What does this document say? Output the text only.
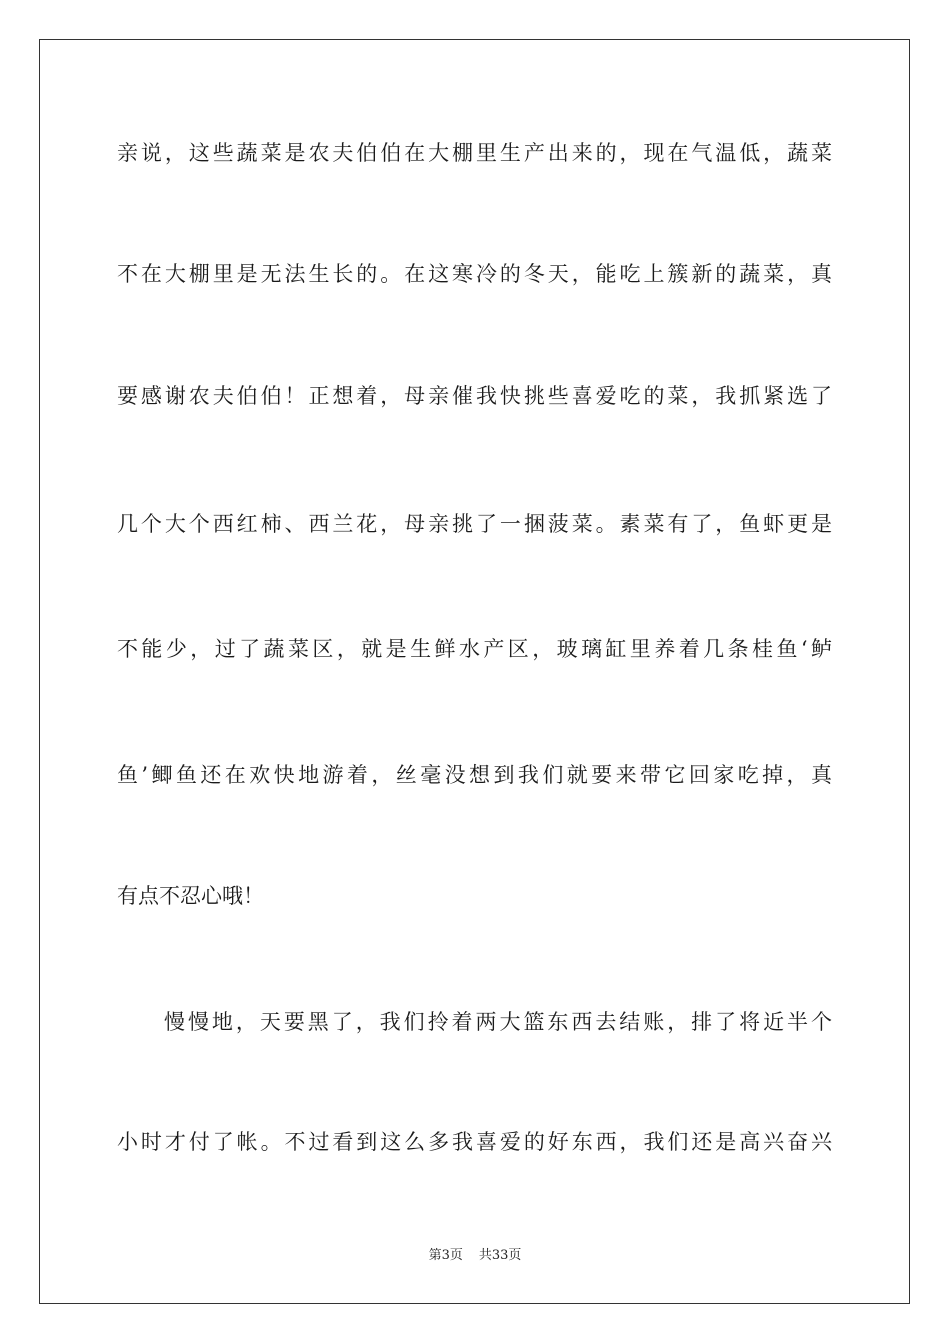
亲说，这些蔬菜是农夫伯伯在大棚里生产出来的，现在气温低，蔬菜
不在大棚里是无法生长的。在这寒冷的冬天，能吃上簇新的蔬菜，真
要感谢农夫伯伯！正想着，母亲催我快挑些喜爱吃的菜，我抓紧选了
几个大个西红柿、西兰花，母亲挑了一捆菠菜。素菜有了，鱼虾更是
不能少，过了蔬菜区，就是生鲜水产区，玻璃缸里养着几条桂鱼‘鲈
鱼’鲫鱼还在欢快地游着，丝毫没想到我们就要来带它回家吃掉，真
有点不忍心哦！
慢慢地，天要黑了，我们拎着两大篮东西去结账，排了将近半个
小时才付了帐。不过看到这么多我喜爱的好东西，我们还是高兴奋兴
第3页 共33页
